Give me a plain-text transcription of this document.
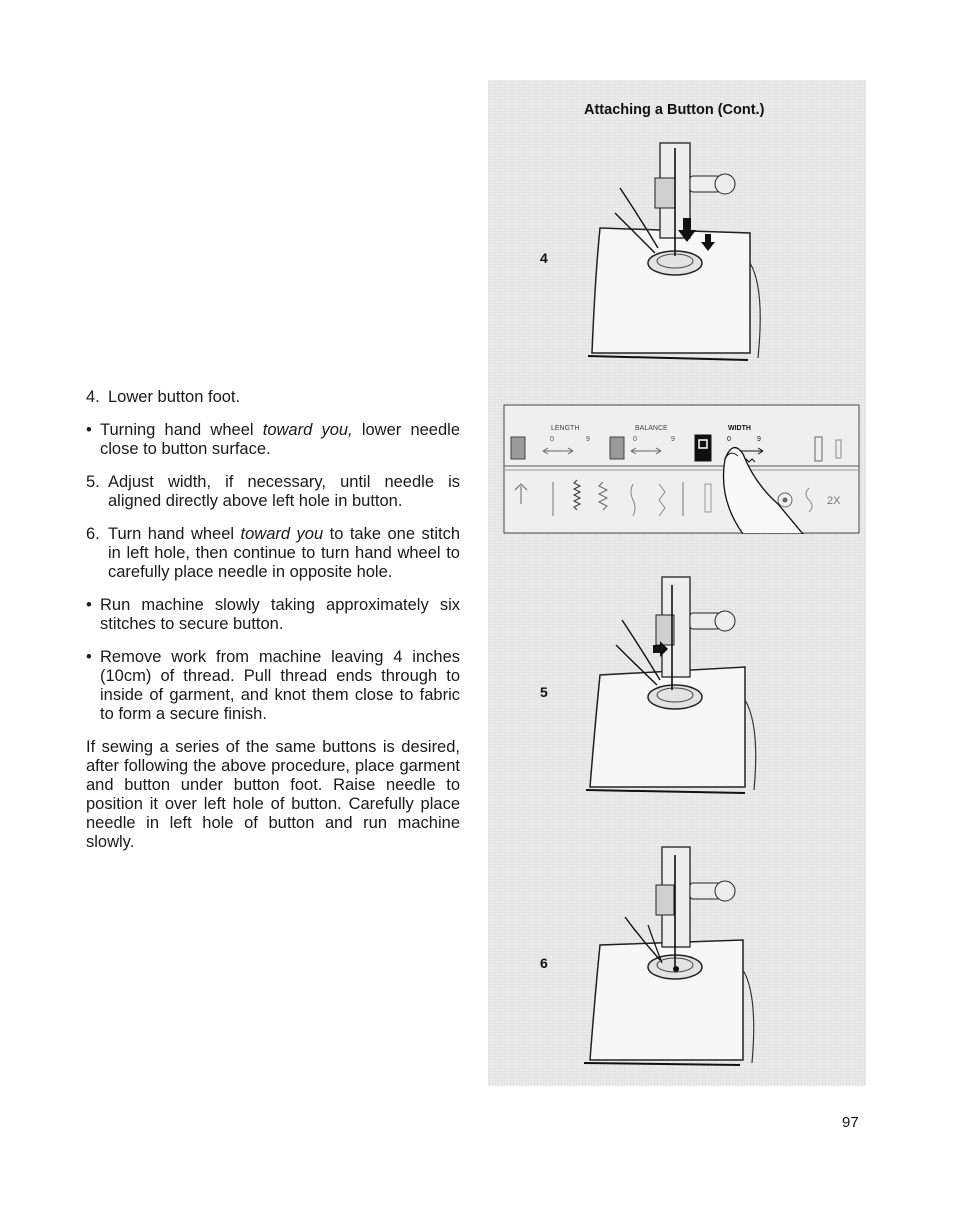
4. Lower button foot.
• Turning hand wheel toward you, lower needle close to button surface.
5. Adjust width, if necessary, until needle is aligned directly above left hole in button.
6. Turn hand wheel toward you to take one stitch in left hole, then continue to turn hand wheel to carefully place needle in opposite hole.
• Run machine slowly taking approximately six stitches to secure button.
• Remove work from machine leaving 4 inches (10cm) of thread. Pull thread ends through to inside of garment, and knot them close to fabric to form a secure finish.

If sewing a series of the same buttons is desired, after following the above procedure, place garment and button under button foot. Raise needle to position it over left hole of button. Carefully place needle in left hole of button and run machine slowly.

Attaching a Button (Cont.)
4
LENGTH	BALANCE	WIDTH
0	9	0	9	0	9
2X
5
6
97
